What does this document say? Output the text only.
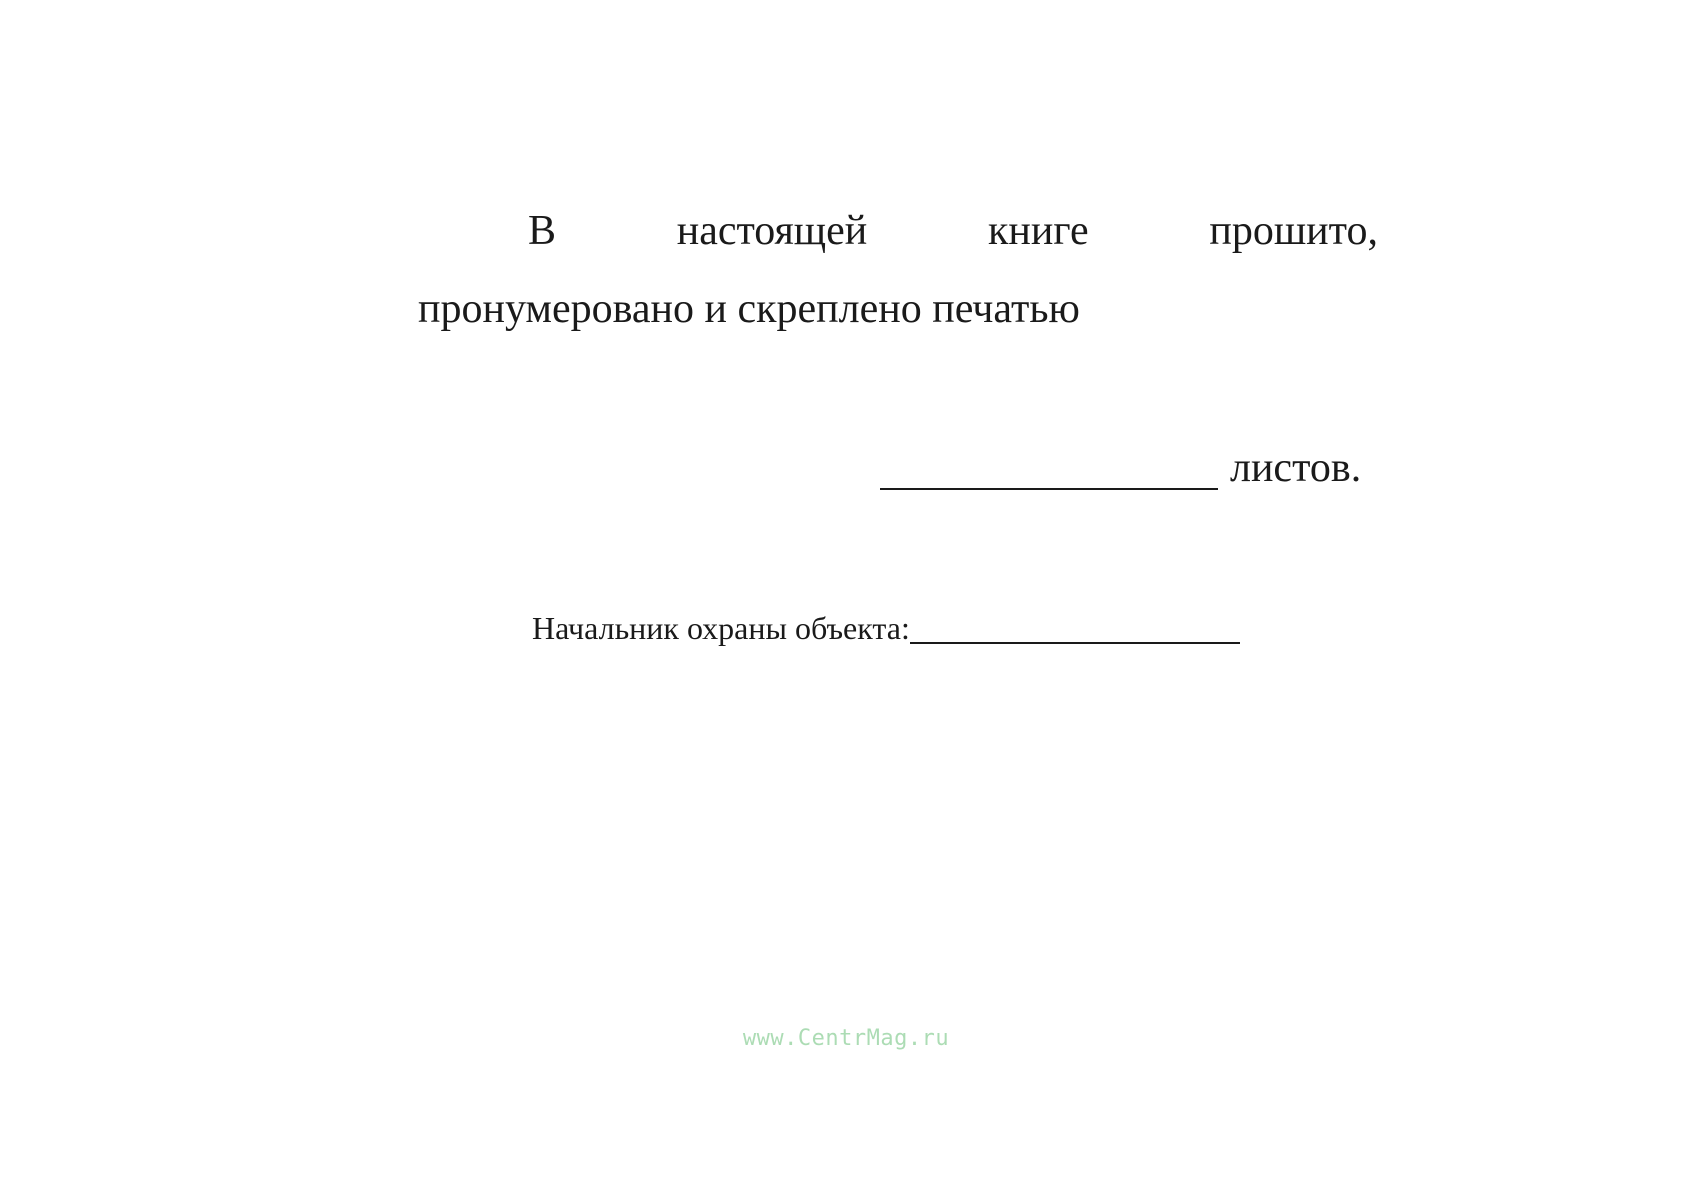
В	настоящей	книге	прошито,
пронумеровано и скреплено печатью
листов.
Начальник охраны объекта:
www.CentrMag.ru
